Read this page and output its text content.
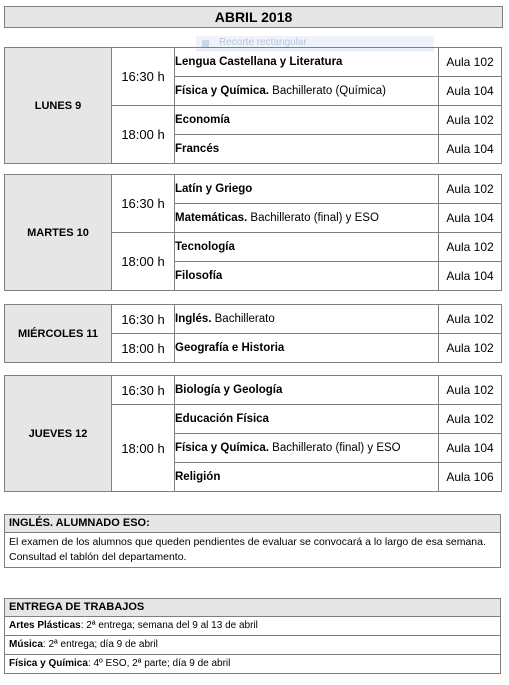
ABRIL 2018
Recorte rectangular
LUNES 9	16:30 h	Lengua Castellana y Literatura	Aula 102
		Física y Química. Bachillerato (Química)	Aula 104
	18:00 h	Economía	Aula 102
		Francés	Aula 104
MARTES 10	16:30 h	Latín y Griego	Aula 102
		Matemáticas. Bachillerato (final) y ESO	Aula 104
	18:00 h	Tecnología	Aula 102
		Filosofía	Aula 104
MIÉRCOLES 11	16:30 h	Inglés. Bachillerato	Aula 102
	18:00 h	Geografía e Historia	Aula 102
JUEVES 12	16:30 h	Biología y Geología	Aula 102
	18:00 h	Educación Física	Aula 102
		Física y Química. Bachillerato (final) y ESO	Aula 104
		Religión	Aula 106
INGLÉS. ALUMNADO ESO:
El examen de los alumnos que queden pendientes de evaluar se convocará a lo largo de esa semana. Consultad el tablón del departamento.
ENTREGA DE TRABAJOS
Artes Plásticas: 2ª entrega; semana del 9 al 13 de abril
Música: 2ª entrega; día 9 de abril
Física y Química: 4º ESO, 2ª parte; día 9 de abril
